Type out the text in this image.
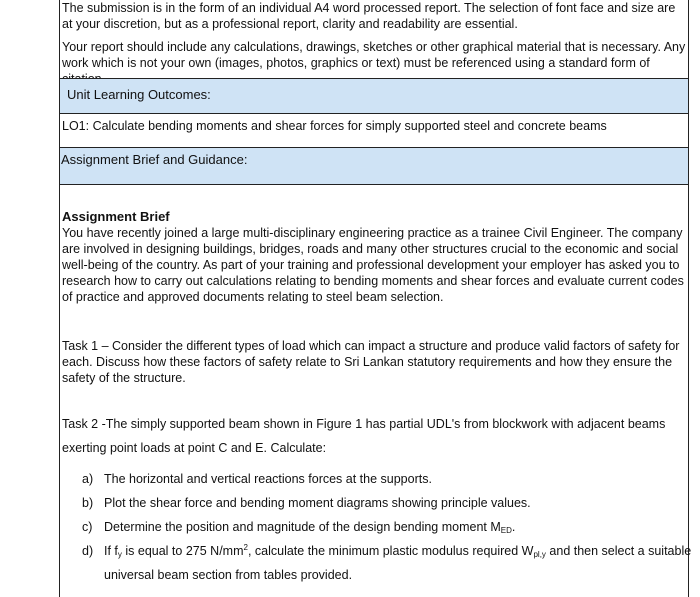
The submission is in the form of an individual A4 word processed report. The selection of font face and size are at your discretion, but as a professional report, clarity and readability are essential.

Your report should include any calculations, drawings, sketches or other graphical material that is necessary. Any work which is not your own (images, photos, graphics or text) must be referenced using a standard form of

Unit Learning Outcomes:
LO1: Calculate bending moments and shear forces for simply supported steel and concrete beams
Assignment Brief and Guidance:
Assignment Brief

You have recently joined a large multi-disciplinary engineering practice as a trainee Civil Engineer. The company are involved in designing buildings, bridges, roads and many other structures crucial to the economic and social well-being of the country. As part of your training and professional development your employer has asked you to research how to carry out calculations relating to bending moments and shear forces and evaluate current codes of practice and approved documents relating to steel beam selection.

Task 1 – Consider the different types of load which can impact a structure and produce valid factors of safety for each. Discuss how these factors of safety relate to Sri Lankan statutory requirements and how they ensure the safety of the structure.

Task 2 -The simply supported beam shown in Figure 1 has partial UDL's from blockwork with adjacent beams
exerting point loads at point C and E. Calculate:
a) The horizontal and vertical reactions forces at the supports.
b) Plot the shear force and bending moment diagrams showing principle values.
c) Determine the position and magnitude of the design bending moment $M_{ED}$.
d) If $f_y$ is equal to 275 $N/mm^2$, calculate the minimum plastic modulus required $W_{pl,y}$ and then select a suitable
universal beam section from tables provided.
